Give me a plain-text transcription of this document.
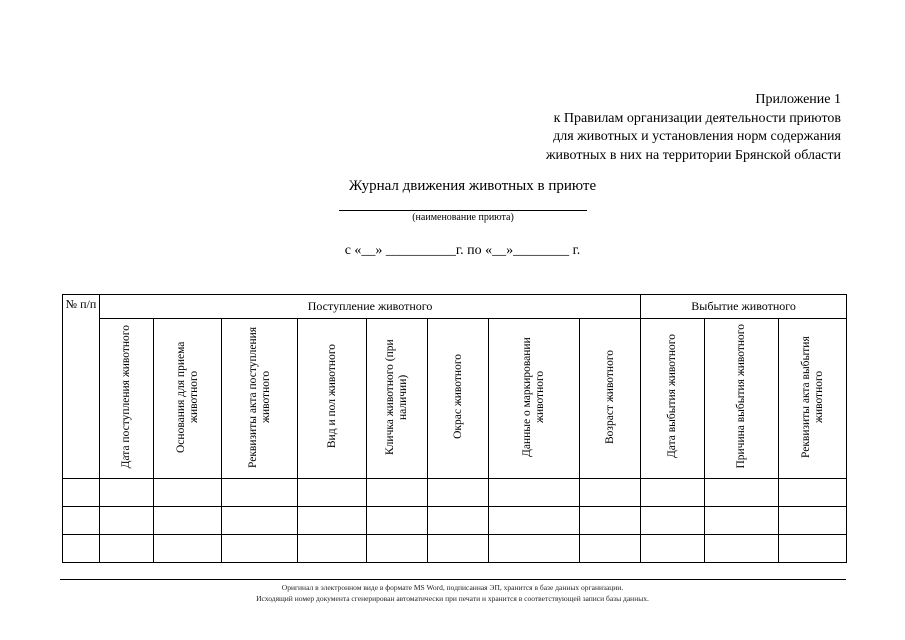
Приложение 1
к Правилам организации деятельности приютов
для животных и установления норм содержания
животных в них на территории Брянской области
Журнал движения животных в приюте
(наименование приюта)
с «__» __________г. по «__»________ г.
№ п/п	Поступление животного								Выбытие животного		
	Дата поступления животного	Основания для приема животного	Реквизиты акта поступления животного	Вид и пол животного	Кличка животного (при наличии)	Окрас животного	Данные о маркировании животного	Возраст животного	Дата выбытия животного	Причина выбытия животного	Реквизиты акта выбытия животного

Оригинал в электронном виде в формате MS Word, подписанная ЭП, хранится в базе данных организации.
Исходящий номер документа сгенерирован автоматически при печати и хранится в соответствующей записи базы данных.
